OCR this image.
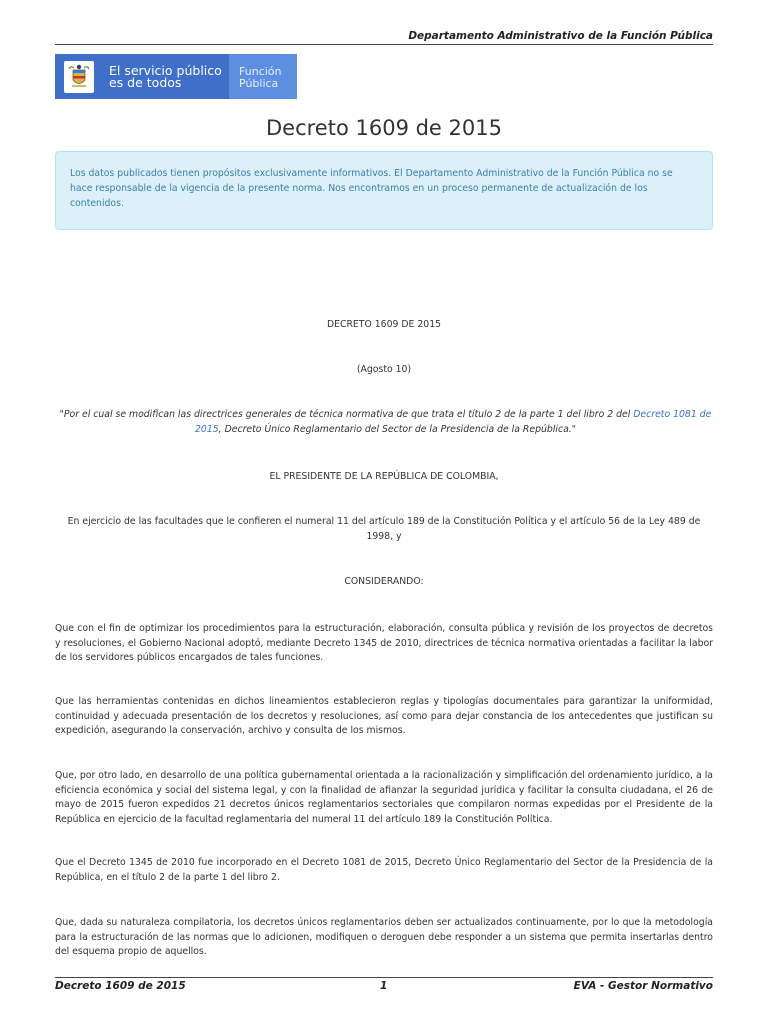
Departamento Administrativo de la Función Pública
El servicio público
es de todos
Función
Pública
Decreto 1609 de 2015
Los datos publicados tienen propósitos exclusivamente informativos. El Departamento Administrativo de la Función Pública no se hace responsable de la vigencia de la presente norma. Nos encontramos en un proceso permanente de actualización de los contenidos.
DECRETO 1609 DE 2015
(Agosto 10)
"Por el cual se modifican las directrices generales de técnica normativa de que trata el título 2 de la parte 1 del libro 2 del Decreto 1081 de 2015, Decreto Único Reglamentario del Sector de la Presidencia de la República."
EL PRESIDENTE DE LA REPÚBLICA DE COLOMBIA,
En ejercicio de las facultades que le confieren el numeral 11 del artículo 189 de la Constitución Política y el artículo 56 de la Ley 489 de 1998, y
CONSIDERANDO:
Que con el fin de optimizar los procedimientos para la estructuración, elaboración, consulta pública y revisión de los proyectos de decretos y resoluciones, el Gobierno Nacional adoptó, mediante Decreto 1345 de 2010, directrices de técnica normativa orientadas a facilitar la labor de los servidores públicos encargados de tales funciones.
Que las herramientas contenidas en dichos lineamientos establecieron reglas y tipologías documentales para garantizar la uniformidad, continuidad y adecuada presentación de los decretos y resoluciones, así como para dejar constancia de los antecedentes que justifican su expedición, asegurando la conservación, archivo y consulta de los mismos.
Que, por otro lado, en desarrollo de una política gubernamental orientada a la racionalización y simplificación del ordenamiento jurídico, a la eficiencia económica y social del sistema legal, y con la finalidad de afianzar la seguridad jurídica y facilitar la consulta ciudadana, el 26 de mayo de 2015 fueron expedidos 21 decretos únicos reglamentarios sectoriales que compilaron normas expedidas por el Presidente de la República en ejercicio de la facultad reglamentaria del numeral 11 del artículo 189 la Constitución Política.
Que el Decreto 1345 de 2010 fue incorporado en el Decreto 1081 de 2015, Decreto Único Reglamentario del Sector de la Presidencia de la República, en el título 2 de la parte 1 del libro 2.
Que, dada su naturaleza compilatoria, los decretos únicos reglamentarios deben ser actualizados continuamente, por lo que la metodología para la estructuración de las normas que lo adicionen, modifiquen o deroguen debe responder a un sistema que permita insertarlas dentro del esquema propio de aquellos.
Decreto 1609 de 2015	1	EVA - Gestor Normativo
